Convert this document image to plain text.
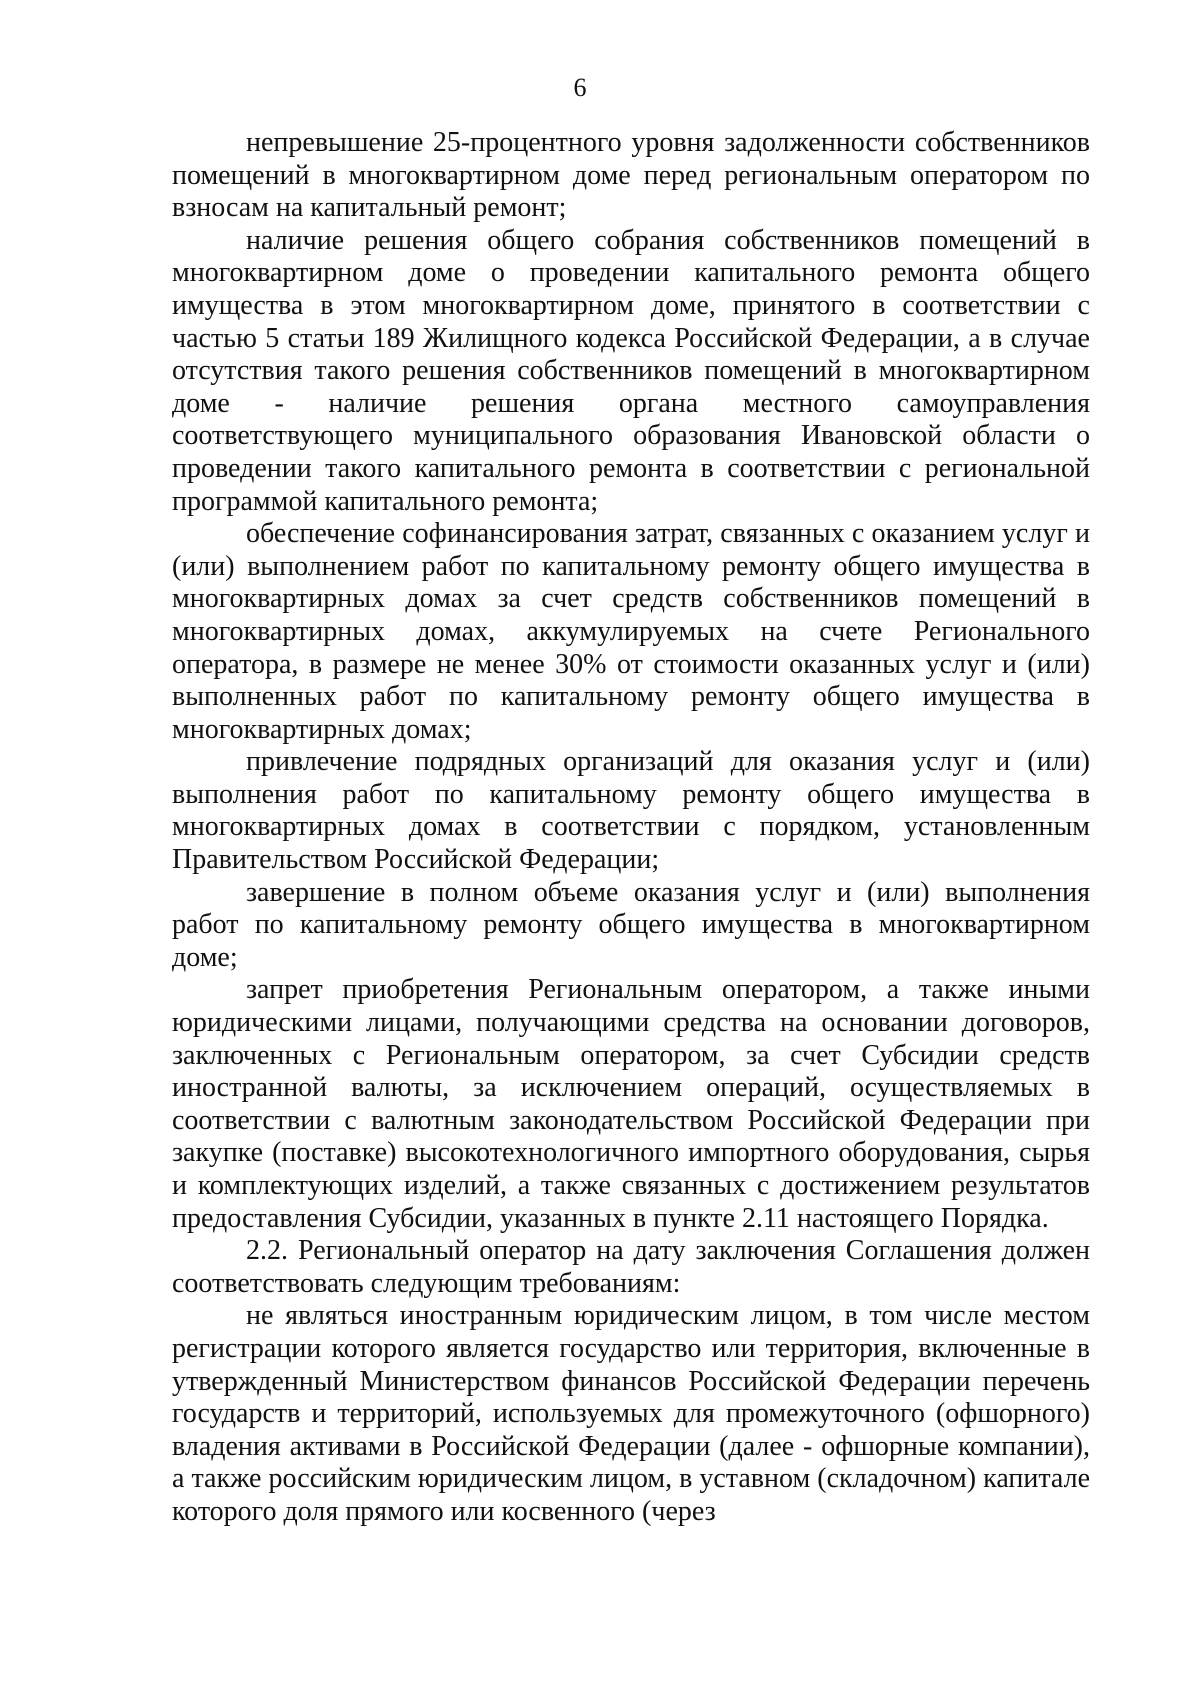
6

непревышение 25-процентного уровня задолженности собственников помещений в многоквартирном доме перед региональным оператором по взносам на капитальный ремонт;

наличие решения общего собрания собственников помещений в многоквартирном доме о проведении капитального ремонта общего имущества в этом многоквартирном доме, принятого в соответствии с частью 5 статьи 189 Жилищного кодекса Российской Федерации, а в случае отсутствия такого решения собственников помещений в многоквартирном доме - наличие решения органа местного самоуправления соответствующего муниципального образования Ивановской области о проведении такого капитального ремонта в соответствии с региональной программой капитального ремонта;

обеспечение софинансирования затрат, связанных с оказанием услуг и (или) выполнением работ по капитальному ремонту общего имущества в многоквартирных домах за счет средств собственников помещений в многоквартирных домах, аккумулируемых на счете Регионального оператора, в размере не менее 30% от стоимости оказанных услуг и (или) выполненных работ по капитальному ремонту общего имущества в многоквартирных домах;

привлечение подрядных организаций для оказания услуг и (или) выполнения работ по капитальному ремонту общего имущества в многоквартирных домах в соответствии с порядком, установленным Правительством Российской Федерации;

завершение в полном объеме оказания услуг и (или) выполнения работ по капитальному ремонту общего имущества в многоквартирном доме;

запрет приобретения Региональным оператором, а также иными юридическими лицами, получающими средства на основании договоров, заключенных с Региональным оператором, за счет Субсидии средств иностранной валюты, за исключением операций, осуществляемых в соответствии с валютным законодательством Российской Федерации при закупке (поставке) высокотехнологичного импортного оборудования, сырья и комплектующих изделий, а также связанных с достижением результатов предоставления Субсидии, указанных в пункте 2.11 настоящего Порядка.

2.2. Региональный оператор на дату заключения Соглашения должен соответствовать следующим требованиям:

не являться иностранным юридическим лицом, в том числе местом регистрации которого является государство или территория, включенные в утвержденный Министерством финансов Российской Федерации перечень государств и территорий, используемых для промежуточного (офшорного) владения активами в Российской Федерации (далее - офшорные компании), а также российским юридическим лицом, в уставном (складочном) капитале которого доля прямого или косвенного (через
